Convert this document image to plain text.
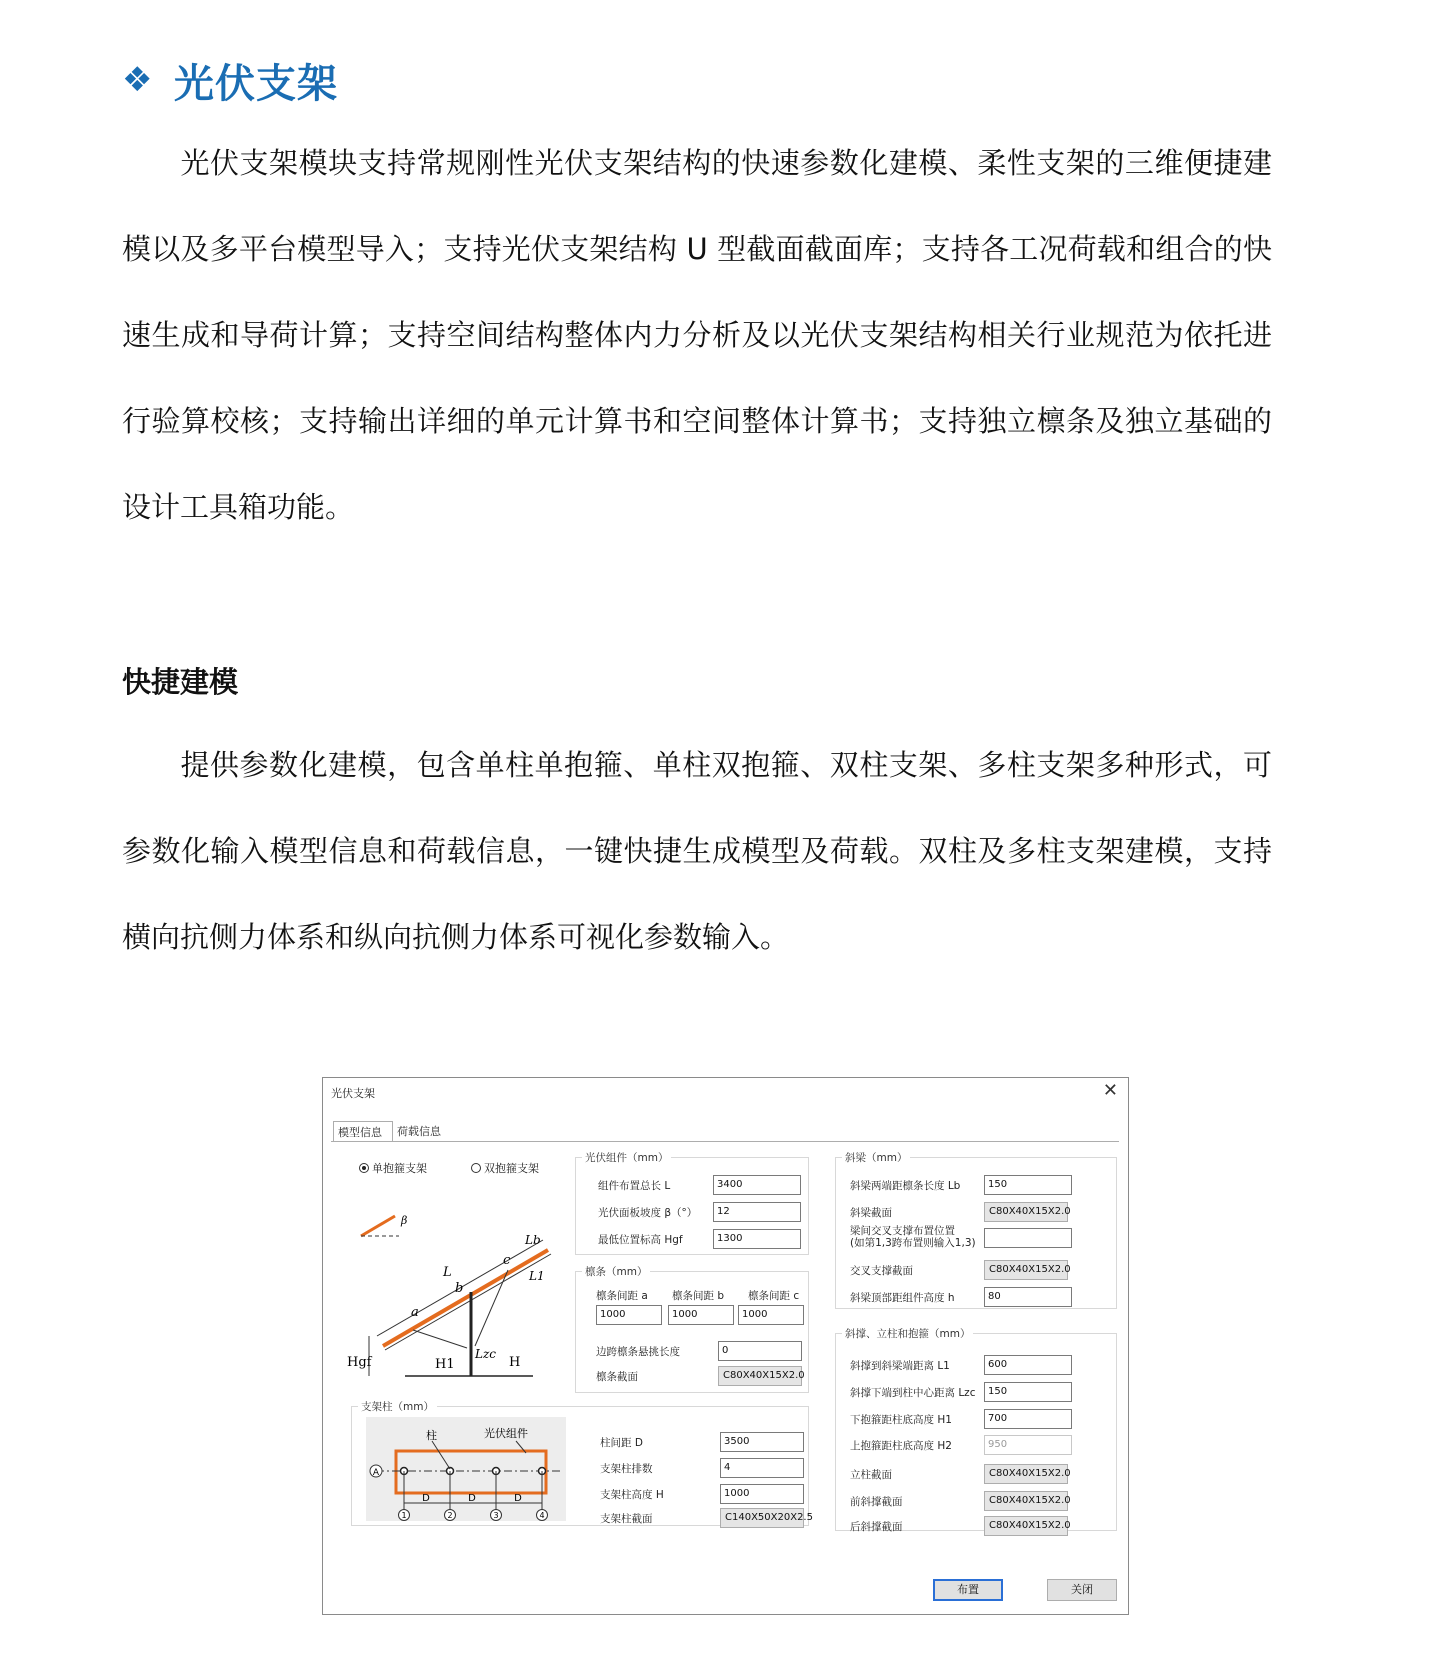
❖ 光伏支架

光伏支架模块支持常规刚性光伏支架结构的快速参数化建模、柔性支架的三维便捷建模以及多平台模型导入；支持光伏支架结构 U 型截面截面库；支持各工况荷载和组合的快速生成和导荷计算；支持空间结构整体内力分析及以光伏支架结构相关行业规范为依托进行验算校核；支持输出详细的单元计算书和空间整体计算书；支持独立檩条及独立基础的设计工具箱功能。

快捷建模

提供参数化建模，包含单柱单抱箍、单柱双抱箍、双柱支架、多柱支架多种形式，可参数化输入模型信息和荷载信息，一键快捷生成模型及荷载。双柱及多柱支架建模，支持横向抗侧力体系和纵向抗侧力体系可视化参数输入。

光伏支架	✕
模型信息	荷载信息
单抱箍支架	双抱箍支架
β
L
b
c
a
Lb
L1
Hgf	H1
Lzc
H
光伏组件（mm）
组件布置总长 L	3400
光伏面板坡度 β（°）	12
最低位置标高 Hgf	1300
檩条（mm）
檩条间距 a 檩条间距 b 檩条间距 c
1000	1000	1000
边跨檩条悬挑长度	0
檩条截面	C80X40X15X2.0
支架柱（mm）
A
D	D	D
1	2	3	4
柱	光伏组件
柱间距 D	3500
支架柱排数	4
支架柱高度 H	1000
支架柱截面	C140X50X20X2.5
斜梁（mm）
斜梁两端距檩条长度 Lb	150
斜梁截面	C80X40X15X2.0
梁间交叉支撑布置位置
(如第1,3跨布置则输入1,3)
交叉支撑截面	C80X40X15X2.0
斜梁顶部距组件高度 h	80
斜撑、立柱和抱箍（mm）
斜撑到斜梁端距离 L1	600
斜撑下端到柱中心距离 Lzc	150
下抱箍距柱底高度 H1	700
上抱箍距柱底高度 H2	950
立柱截面	C80X40X15X2.0
前斜撑截面	C80X40X15X2.0
后斜撑截面	C80X40X15X2.0
布置	关闭
